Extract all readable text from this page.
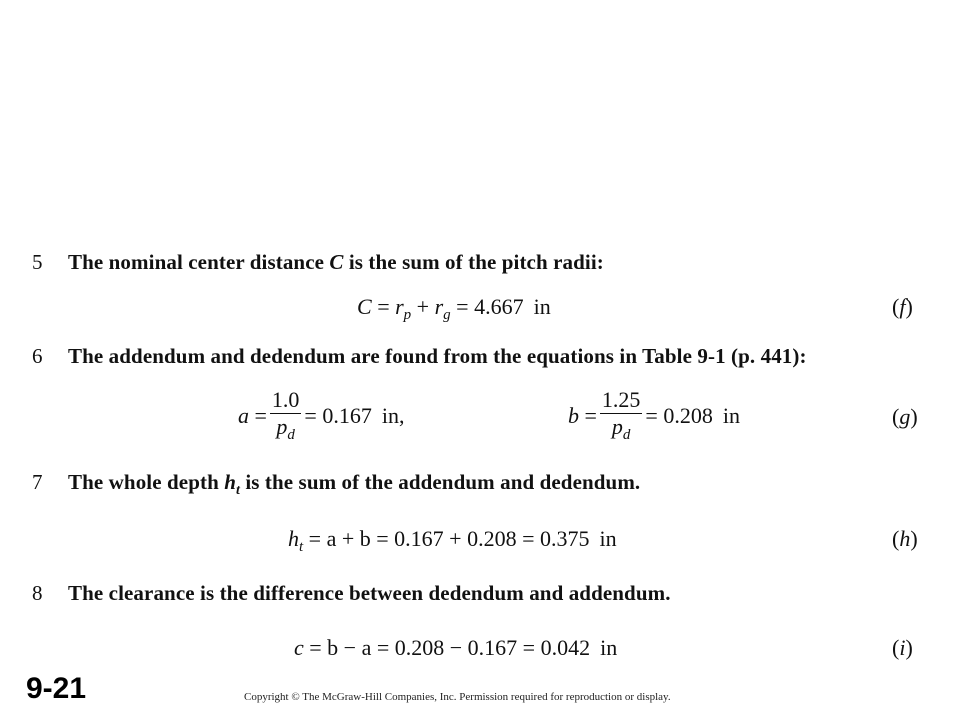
5 The nominal center distance C is the sum of the pitch radii:
$C = r_p + r_g = 4.667$ in	(f)
6 The addendum and dedendum are found from the equations in Table 9-1 (p. 441):
$a = \frac{1.0}{p_d} = 0.167$ in,	$b = \frac{1.25}{p_d} = 0.208$ in	(g)
7 The whole depth $h_t$ is the sum of the addendum and dedendum.
$h_t = a + b = 0.167 + 0.208 = 0.375$ in	(h)
8 The clearance is the difference between dedendum and addendum.
c = b − a = 0.208 − 0.167 = 0.042 in	(i)
9-21	Copyright © The McGraw-Hill Companies, Inc. Permission required for reproduction or display.
